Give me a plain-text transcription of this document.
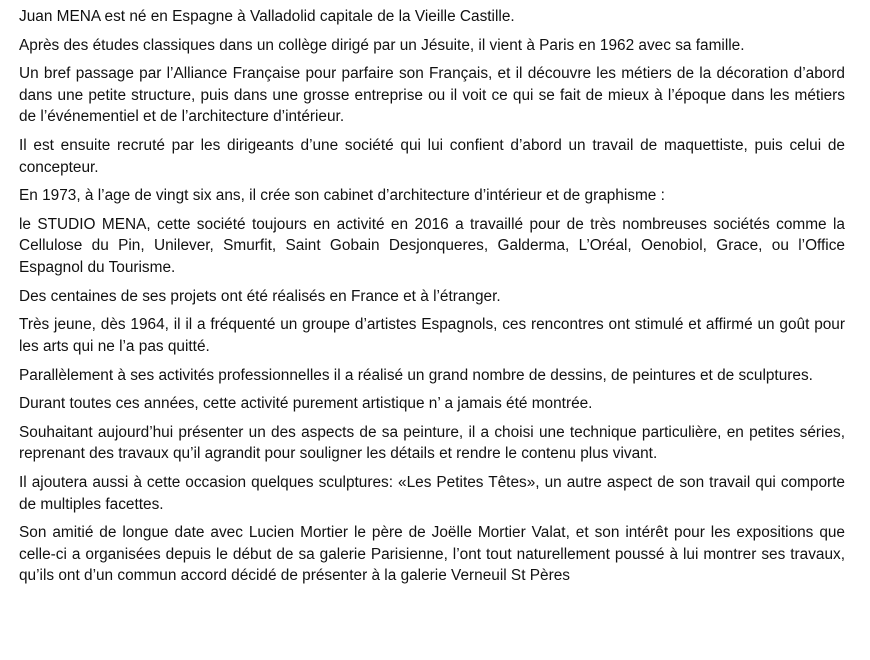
Juan MENA est né en Espagne à Valladolid capitale de la Vieille Castille.

Après des études classiques dans un collège dirigé par un Jésuite, il vient à Paris en 1962 avec sa famille.

Un bref passage par l’Alliance Française pour parfaire son Français, et il découvre les métiers de la décoration d’abord dans une petite structure, puis dans une grosse entreprise ou il voit ce qui se fait de mieux à l’époque dans les métiers de l’événementiel et de l’architecture d’intérieur.

Il est ensuite recruté par les dirigeants d’une société qui lui confient d’abord un travail de maquettiste, puis celui de concepteur.

En 1973, à l’age de vingt six ans, il crée son cabinet d’architecture d’intérieur et de graphisme :

le STUDIO MENA, cette société toujours en activité en 2016 a travaillé pour de très nombreuses sociétés comme la Cellulose du Pin, Unilever, Smurfit, Saint Gobain Desjonqueres, Galderma, L’Oréal, Oenobiol, Grace, ou l’Office Espagnol du Tourisme.

Des centaines de ses projets ont été réalisés en France et à l’étranger.

Très jeune, dès 1964, il il a fréquenté un groupe d’artistes Espagnols, ces rencontres ont stimulé et affirmé un goût pour les arts qui ne l’a pas quitté.

Parallèlement à ses activités professionnelles il a réalisé un grand nombre de dessins, de peintures et de sculptures.

Durant toutes ces années, cette activité purement artistique n’ a jamais été montrée.

Souhaitant aujourd’hui présenter un des aspects de sa peinture, il a choisi une technique particulière, en petites séries, reprenant des travaux qu’il agrandit pour souligner les détails et rendre le contenu plus vivant.

Il ajoutera aussi à cette occasion quelques sculptures: «Les Petites Têtes», un autre aspect de son travail qui comporte de multiples facettes.

Son amitié de longue date avec Lucien Mortier le père de Joëlle Mortier Valat, et son intérêt pour les expositions que celle-ci a organisées depuis le début de sa galerie Parisienne, l’ont tout naturellement poussé à lui montrer ses travaux, qu’ils ont d’un commun accord décidé de présenter à la galerie Verneuil St Pères
